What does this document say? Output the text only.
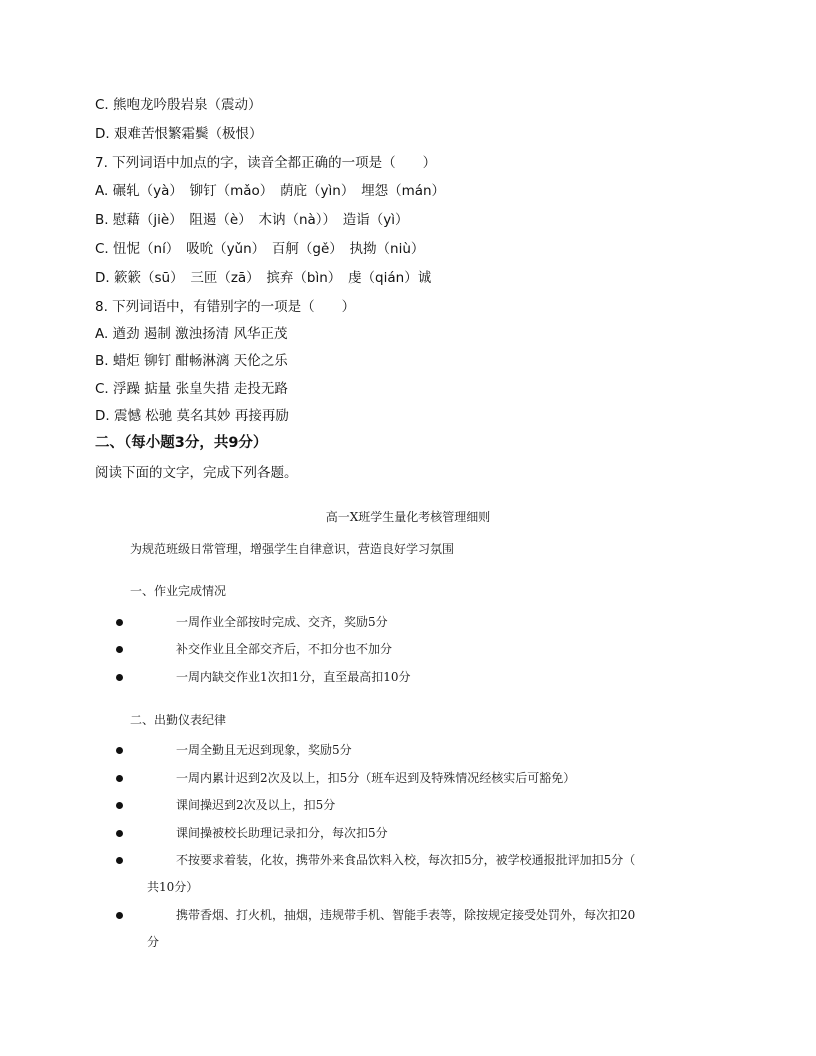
C. 熊咆龙吟殷岩泉（震动）
D. 艰难苦恨繁霜鬓（极恨）
7. 下列词语中加点的字，读音全都正确的一项是（　　）
A. 碾轧（yà）　铆钉（mǎo）　荫庇（yìn）　埋怨（mán）
B. 慰藉（jiè）　阻遏（è）　木讷（nà））　造诣（yì）
C. 忸怩（ní）　吸吮（yǔn）　百舸（gě）　执拗（niù）
D. 簌簌（sū）　三匝（zā）　摈弃（bìn）　虔（qián）诚
8. 下列词语中，有错别字的一项是（　　）
A. 遒劲 遏制 激浊扬清 风华正茂
B. 蜡炬 铆钉 酣畅淋漓 天伦之乐
C. 浮躁 掂量 张皇失措 走投无路
D. 震憾 松驰 莫名其妙 再接再励
二、（每小题3分，共9分）
阅读下面的文字，完成下列各题。
高一X班学生量化考核管理细则
为规范班级日常管理，增强学生自律意识，营造良好学习氛围
一、作业完成情况
一周作业全部按时完成、交齐，奖励5分
补交作业且全部交齐后，不扣分也不加分
一周内缺交作业1次扣1分，直至最高扣10分
二、出勤仪表纪律
一周全勤且无迟到现象，奖励5分
一周内累计迟到2次及以上，扣5分（班车迟到及特殊情况经核实后可豁免）
课间操迟到2次及以上，扣5分
课间操被校长助理记录扣分，每次扣5分
不按要求着装，化妆，携带外来食品饮料入校，每次扣5分，被学校通报批评加扣5分（
共10分）
携带香烟、打火机，抽烟，违规带手机、智能手表等，除按规定接受处罚外，每次扣20
分
